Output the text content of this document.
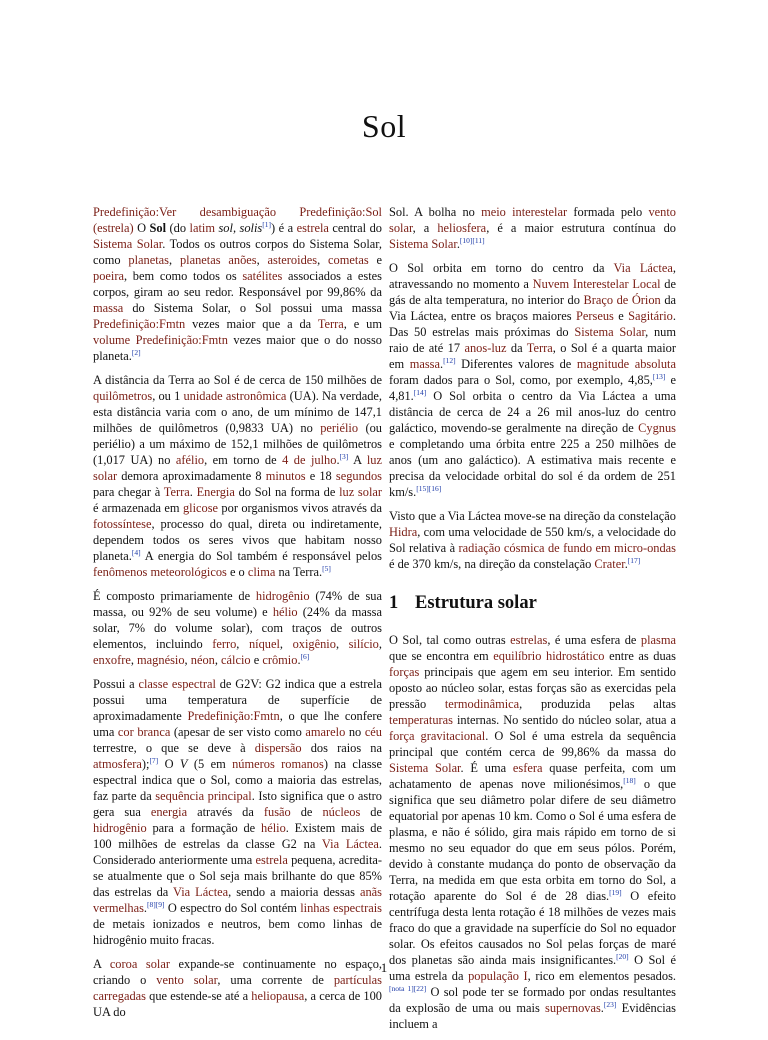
Sol

Predefinição:Ver desambiguação Predefinição:Sol (estrela) O Sol (do latim sol, solis[1]) é a estrela central do Sistema Solar. Todos os outros corpos do Sistema Solar, como planetas, planetas anões, asteroides, cometas e poeira, bem como todos os satélites associados a estes corpos, giram ao seu redor. Responsável por 99,86% da massa do Sistema Solar, o Sol possui uma massa Predefinição:Fmtn vezes maior que a da Terra, e um volume Predefinição:Fmtn vezes maior que o do nosso planeta.[2]

A distância da Terra ao Sol é de cerca de 150 milhões de quilômetros, ou 1 unidade astronômica (UA). Na verdade, esta distância varia com o ano, de um mínimo de 147,1 milhões de quilômetros (0,9833 UA) no periélio (ou periélio) a um máximo de 152,1 milhões de quilômetros (1,017 UA) no afélio, em torno de 4 de julho.[3] A luz solar demora aproximadamente 8 minutos e 18 segundos para chegar à Terra. Energia do Sol na forma de luz solar é armazenada em glicose por organismos vivos através da fotossíntese, processo do qual, direta ou indiretamente, dependem todos os seres vivos que habitam nosso planeta.[4] A energia do Sol também é responsável pelos fenômenos meteorológicos e o clima na Terra.[5]

É composto primariamente de hidrogênio (74% de sua massa, ou 92% de seu volume) e hélio (24% da massa solar, 7% do volume solar), com traços de outros elementos, incluindo ferro, níquel, oxigênio, silício, enxofre, magnésio, néon, cálcio e crômio.[6]

Possui a classe espectral de G2V: G2 indica que a estrela possui uma temperatura de superfície de aproximadamente Predefinição:Fmtn, o que lhe confere uma cor branca (apesar de ser visto como amarelo no céu terrestre, o que se deve à dispersão dos raios na atmosfera);[7] O V (5 em números romanos) na classe espectral indica que o Sol, como a maioria das estrelas, faz parte da sequência principal. Isto significa que o astro gera sua energia através da fusão de núcleos de hidrogênio para a formação de hélio. Existem mais de 100 milhões de estrelas da classe G2 na Via Láctea. Considerado anteriormente uma estrela pequena, acredita-se atualmente que o Sol seja mais brilhante do que 85% das estrelas da Via Láctea, sendo a maioria dessas anãs vermelhas.[8][9] O espectro do Sol contém linhas espectrais de metais ionizados e neutros, bem como linhas de hidrogênio muito fracas.

A coroa solar expande-se continuamente no espaço, criando o vento solar, uma corrente de partículas carregadas que estende-se até a heliopausa, a cerca de 100 UA do

Sol. A bolha no meio interestelar formada pelo vento solar, a heliosfera, é a maior estrutura contínua do Sistema Solar.[10][11]

O Sol orbita em torno do centro da Via Láctea, atravessando no momento a Nuvem Interestelar Local de gás de alta temperatura, no interior do Braço de Órion da Via Láctea, entre os braços maiores Perseus e Sagitário. Das 50 estrelas mais próximas do Sistema Solar, num raio de até 17 anos-luz da Terra, o Sol é a quarta maior em massa.[12] Diferentes valores de magnitude absoluta foram dados para o Sol, como, por exemplo, 4,85,[13] e 4,81.[14] O Sol orbita o centro da Via Láctea a uma distância de cerca de 24 a 26 mil anos-luz do centro galáctico, movendo-se geralmente na direção de Cygnus e completando uma órbita entre 225 a 250 milhões de anos (um ano galáctico). A estimativa mais recente e precisa da velocidade orbital do sol é da ordem de 251 km/s.[15][16]

Visto que a Via Láctea move-se na direção da constelação Hidra, com uma velocidade de 550 km/s, a velocidade do Sol relativa à radiação cósmica de fundo em micro-ondas é de 370 km/s, na direção da constelação Crater.[17]

1 Estrutura solar

O Sol, tal como outras estrelas, é uma esfera de plasma que se encontra em equilíbrio hidrostático entre as duas forças principais que agem em seu interior. Em sentido oposto ao núcleo solar, estas forças são as exercidas pela pressão termodinâmica, produzida pelas altas temperaturas internas. No sentido do núcleo solar, atua a força gravitacional. O Sol é uma estrela da sequência principal que contém cerca de 99,86% da massa do Sistema Solar. É uma esfera quase perfeita, com um achatamento de apenas nove milionésimos,[18] o que significa que seu diâmetro polar difere de seu diâmetro equatorial por apenas 10 km. Como o Sol é uma esfera de plasma, e não é sólido, gira mais rápido em torno de si mesmo no seu equador do que em seus pólos. Porém, devido à constante mudança do ponto de observação da Terra, na medida em que esta orbita em torno do Sol, a rotação aparente do Sol é de 28 dias.[19] O efeito centrífuga desta lenta rotação é 18 milhões de vezes mais fraco do que a gravidade na superfície do Sol no equador solar. Os efeitos causados no Sol pelas forças de maré dos planetas são ainda mais insignificantes.[20] O Sol é uma estrela da população I, rico em elementos pesados.[nota 1][22] O sol pode ter se formado por ondas resultantes da explosão de uma ou mais supernovas.[23] Evidências incluem a

1
